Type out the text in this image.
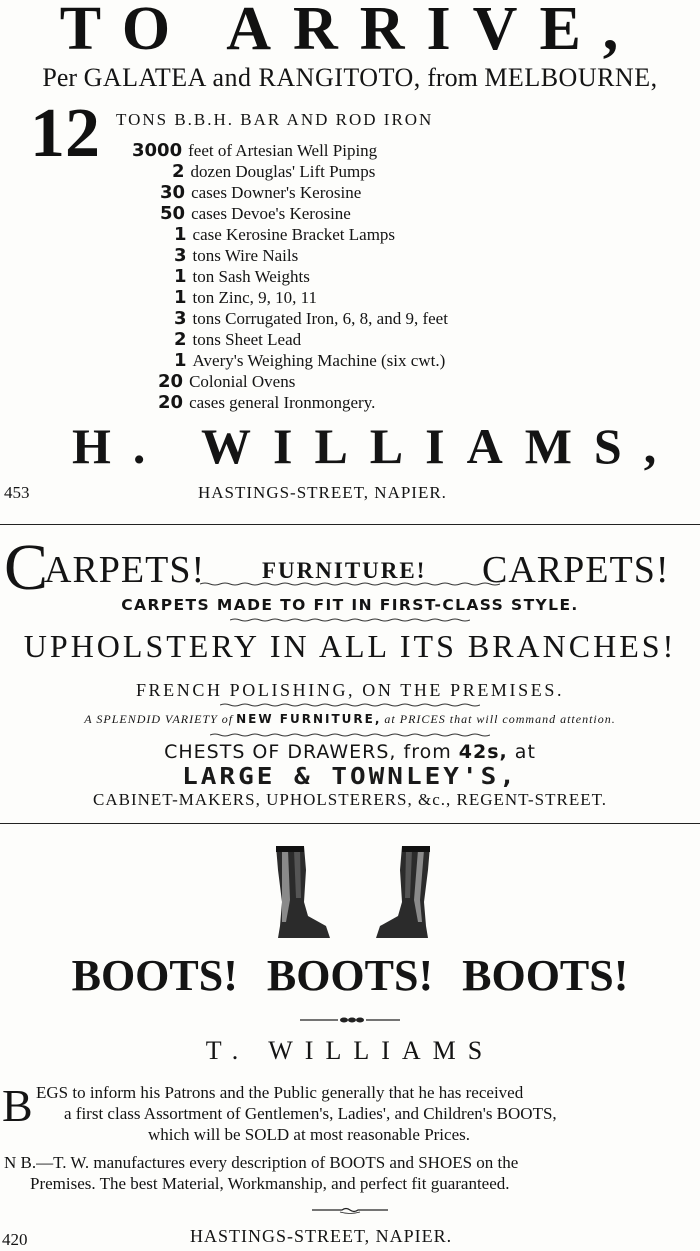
TO ARRIVE,
Per GALATEA and RANGITOTO, from MELBOURNE,
12 TONS B.B.H. BAR AND ROD IRON
3000 feet of Artesian Well Piping
2 dozen Douglas' Lift Pumps
30 cases Downer's Kerosine
50 cases Devoe's Kerosine
1 case Kerosine Bracket Lamps
3 tons Wire Nails
1 ton Sash Weights
1 ton Zinc, 9, 10, 11
3 tons Corrugated Iron, 6, 8, and 9, feet
2 tons Sheet Lead
1 Avery's Weighing Machine (six cwt.)
20 Colonial Ovens
20 cases general Ironmongery.
H. WILLIAMS,
453	HASTINGS-STREET, NAPIER.
C
ARPETS! FURNITURE! CARPETS!
CARPETS MADE TO FIT IN FIRST-CLASS STYLE.
UPHOLSTERY IN ALL ITS BRANCHES!
FRENCH POLISHING, ON THE PREMISES.
A SPLENDID VARIETY of NEW FURNITURE, at PRICES that will command attention.
CHESTS OF DRAWERS, from 42s, at
LARGE & TOWNLEY'S,
CABINET-MAKERS, UPHOLSTERERS, &c., REGENT-STREET.
BOOTS! BOOTS! BOOTS!
T. WILLIAMS
B EGS to inform his Patrons and the Public generally that he has received
a first class Assortment of Gentlemen's, Ladies', and Children's BOOTS,
which will be SOLD at most reasonable Prices.
N B.—T. W. manufactures every description of BOOTS and SHOES on the
Premises. The best Material, Workmanship, and perfect fit guaranteed.
420	HASTINGS-STREET, NAPIER.
